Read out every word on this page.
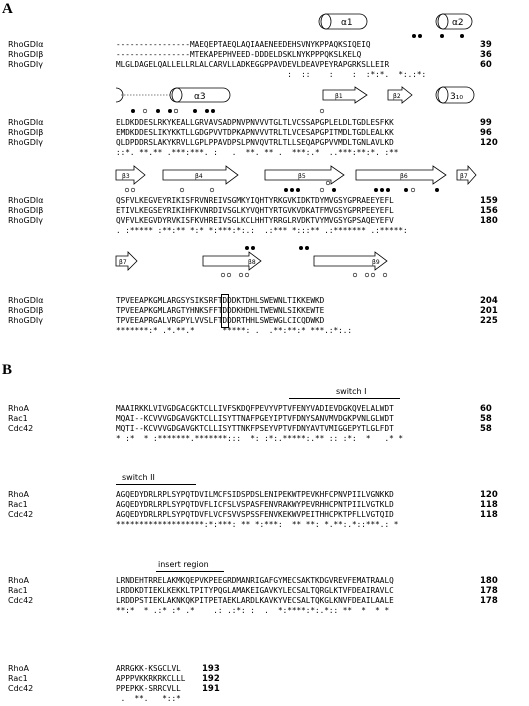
A
B
α1	α2
RhoGDIα	----------------MAEQEPTAEQLAQIAAENEEDEHSVNYKPPAQKSIQEIQ	39
RhoGDIβ	----------------MTEKAPEPHVEED-DDDELDSKLNYKPPPQKSLKELQ	36
RhoGDIγ	MLGLDAGELQALLELLRLALCARVLLADKEGGPPAVDEVLDEAVPEYRAPGRKSLLEIR	60
:  ::    :    :  :*:*.  *:.:*:
α3	β1	β2	3₁₀
RhoGDIα	ELDKDDESLRKYKEALLGRVAVSADPNVPNVVVTGLTLVCSSAPGPLELDLTGDLESFKK	99
RhoGDIβ	EMDKDDESLIKYKKTLLGDGPVVTDPKAPNVVVTRLTLVCESAPGPITMDLTGDLEALKK	96
RhoGDIγ	QLDPDDRSLAKYKRVLLGPLPPAVDPSLPNVQVTRLTLLSEQAPGPVVMDLTGNLAVLKD	120
::*. **.** .***:***. :   .  **. ** .  ***:.*  ..***:**:*. :**
β3	β4	β5	β6	β7
RhoGDIα	QSFVLKEGVEYRIKISFRVNREIVSGMKYIQHTYRKGVKIDKTDYMVGSYGPRAEEYEFL	159
RhoGDIβ	ETIVLKEGSEYRIKIHFKVNRDIVSGLKYVQHTYRTGVKVDKATFMVGSYGPRPEEYEFL	156
RhoGDIγ	QVFVLKEGVDYRVKISFKVHREIVSGLKCLHHTYRRGLRVDKTVYMVGSYGPSAQEYEFV	180
. :***** :**:** *:* *:***:*:.:  .:*** *:::** .:******* .:*****:
β7	β8	β9
RhoGDIα	TPVEEAPKGMLARGSYSIKSRFTDDDKTDHLSWEWNLTIKKEWKD	204
RhoGDIβ	TPVEEAPKGMLARGTYHNKSFFTDDDKHDHLTWEWNLSIKKEWTE	201
RhoGDIγ	TPVEEAPRGALVRGPYLVVSLFTDDDRTHHLSWEWGLCICQDWKD	225
*******:* .*.**.*      *****: .  .**:**:* ***.:*:.:
switch I
RhoA	MAAIRKKLVIVGDGACGKTCLLIVFSKDQFPEVYVPTVFENYVADIEVDGKQVELALWDT	60
Rac1	MQAI--KCVVVGDGAVGKTCLLISYTTNAFPGEYIPTVFDNYSANVMVDGKPVNLGLWDT	58
Cdc42	MQTI--KCVVVGDGAVGKTCLLISYTTNKFPSEYVPTVFDNYAVTVMIGGEPYTLGLFDT	58
* :*  * :*******.*******:::  *: :*:.*****:.** :: :*:  *   .* *
switch II
RhoA	AGQEDYDRLRPLSYPQTDVILMCFSIDSPDSLENIPEKWTPEVKHFCPNVPIILVGNKKD	120
Rac1	AGQEDYDRLRPLSYPQTDVFLICFSLVSPASFENVRAKWYPEVRHHCPNTPIILVGTKLD	118
Cdc42	AGQEDYDRLRPLSYPQTDVFLVCFSVVSPSSFENVKEKWVPEITHHCPKTPFLLVGTQID	118
*******************:*:***: ** *:***:  ** **: *.**:.*::***.: *
insert region
RhoA	LRNDEHTRRELAKMKQEPVKPEEGRDMANRIGAFGYMECSAKTKDGVREVFEMATRAALQ	180
Rac1	LRDDKDTIEKLKEKKLTPITYPQGLAMAKEIGAVKYLECSALTQRGLKTVFDEAIRAVLC	178
Cdc42	LRDDPSTIEKLAKNKQKPITPETAEKLARDLKAVKYVECSALTQKGLKNVFDEAILAALE	178
**:*  * .:* :* .*    .: .:*: :  .  *:****:*:.*:: **  *  * *
RhoA	ARRGKK-KSGCLVL 193
Rac1	APPPVKKRKRKCLLL 192
Cdc42	PPEPKK-SRRCVLL 191
.  **.   *::*
